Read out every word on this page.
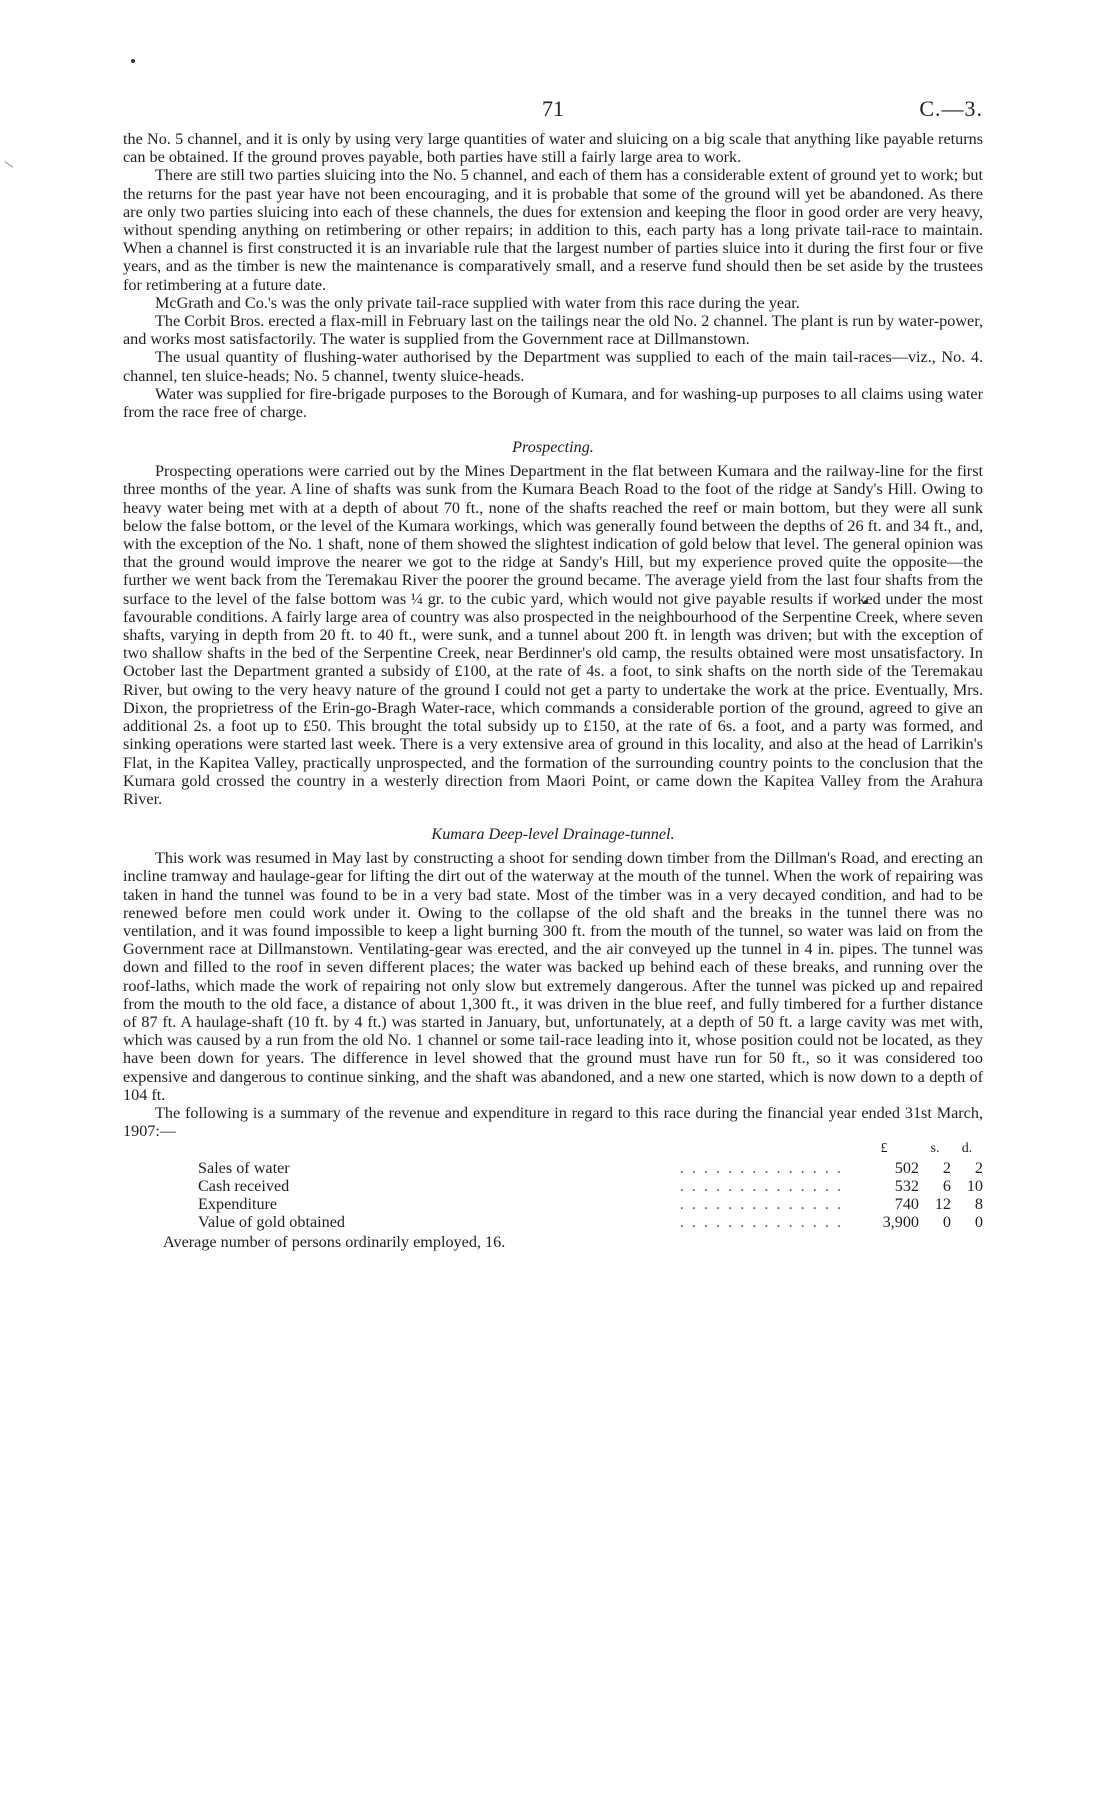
71	C.—3.

the No. 5 channel, and it is only by using very large quantities of water and sluicing on a big scale that anything like payable returns can be obtained. If the ground proves payable, both parties have still a fairly large area to work.

There are still two parties sluicing into the No. 5 channel, and each of them has a considerable extent of ground yet to work; but the returns for the past year have not been encouraging, and it is probable that some of the ground will yet be abandoned. As there are only two parties sluicing into each of these channels, the dues for extension and keeping the floor in good order are very heavy, without spending anything on retimbering or other repairs; in addition to this, each party has a long private tail-race to maintain. When a channel is first constructed it is an invariable rule that the largest number of parties sluice into it during the first four or five years, and as the timber is new the maintenance is comparatively small, and a reserve fund should then be set aside by the trustees for retimbering at a future date.

McGrath and Co.'s was the only private tail-race supplied with water from this race during the year.

The Corbit Bros. erected a flax-mill in February last on the tailings near the old No. 2 channel. The plant is run by water-power, and works most satisfactorily. The water is supplied from the Government race at Dillmanstown.

The usual quantity of flushing-water authorised by the Department was supplied to each of the main tail-races—viz., No. 4. channel, ten sluice-heads; No. 5 channel, twenty sluice-heads.

Water was supplied for fire-brigade purposes to the Borough of Kumara, and for washing-up purposes to all claims using water from the race free of charge.

Prospecting.

Prospecting operations were carried out by the Mines Department in the flat between Kumara and the railway-line for the first three months of the year. A line of shafts was sunk from the Kumara Beach Road to the foot of the ridge at Sandy's Hill. Owing to heavy water being met with at a depth of about 70 ft., none of the shafts reached the reef or main bottom, but they were all sunk below the false bottom, or the level of the Kumara workings, which was generally found between the depths of 26 ft. and 34 ft., and, with the exception of the No. 1 shaft, none of them showed the slightest indication of gold below that level. The general opinion was that the ground would improve the nearer we got to the ridge at Sandy's Hill, but my experience proved quite the opposite—the further we went back from the Teremakau River the poorer the ground became. The average yield from the last four shafts from the surface to the level of the false bottom was ¼ gr. to the cubic yard, which would not give payable results if worked under the most favourable conditions. A fairly large area of country was also prospected in the neighbourhood of the Serpentine Creek, where seven shafts, varying in depth from 20 ft. to 40 ft., were sunk, and a tunnel about 200 ft. in length was driven; but with the exception of two shallow shafts in the bed of the Serpentine Creek, near Berdinner's old camp, the results obtained were most unsatisfactory. In October last the Department granted a subsidy of £100, at the rate of 4s. a foot, to sink shafts on the north side of the Teremakau River, but owing to the very heavy nature of the ground I could not get a party to undertake the work at the price. Eventually, Mrs. Dixon, the proprietress of the Erin-go-Bragh Water-race, which commands a considerable portion of the ground, agreed to give an additional 2s. a foot up to £50. This brought the total subsidy up to £150, at the rate of 6s. a foot, and a party was formed, and sinking operations were started last week. There is a very extensive area of ground in this locality, and also at the head of Larrikin's Flat, in the Kapitea Valley, practically unprospected, and the formation of the surrounding country points to the conclusion that the Kumara gold crossed the country in a westerly direction from Maori Point, or came down the Kapitea Valley from the Arahura River.

Kumara Deep-level Drainage-tunnel.

This work was resumed in May last by constructing a shoot for sending down timber from the Dillman's Road, and erecting an incline tramway and haulage-gear for lifting the dirt out of the waterway at the mouth of the tunnel. When the work of repairing was taken in hand the tunnel was found to be in a very bad state. Most of the timber was in a very decayed condition, and had to be renewed before men could work under it. Owing to the collapse of the old shaft and the breaks in the tunnel there was no ventilation, and it was found impossible to keep a light burning 300 ft. from the mouth of the tunnel, so water was laid on from the Government race at Dillmanstown. Ventilating-gear was erected, and the air conveyed up the tunnel in 4 in. pipes. The tunnel was down and filled to the roof in seven different places; the water was backed up behind each of these breaks, and running over the roof-laths, which made the work of repairing not only slow but extremely dangerous. After the tunnel was picked up and repaired from the mouth to the old face, a distance of about 1,300 ft., it was driven in the blue reef, and fully timbered for a further distance of 87 ft. A haulage-shaft (10 ft. by 4 ft.) was started in January, but, unfortunately, at a depth of 50 ft. a large cavity was met with, which was caused by a run from the old No. 1 channel or some tail-race leading into it, whose position could not be located, as they have been down for years. The difference in level showed that the ground must have run for 50 ft., so it was considered too expensive and dangerous to continue sinking, and the shaft was abandoned, and a new one started, which is now down to a depth of 104 ft.

The following is a summary of the revenue and expenditure in regard to this race during the financial year ended 31st March, 1907:—

		£	s.	d.
Sales of water	. . . . . . . . . . . . . .	502	2	2
Cash received	. . . . . . . . . . . . . .	532	6	10
Expenditure	. . . . . . . . . . . . . .	740	12	8
Value of gold obtained	. . . . . . . . . . . . . .	3,900	0	0
Average number of persons ordinarily employed, 16.
